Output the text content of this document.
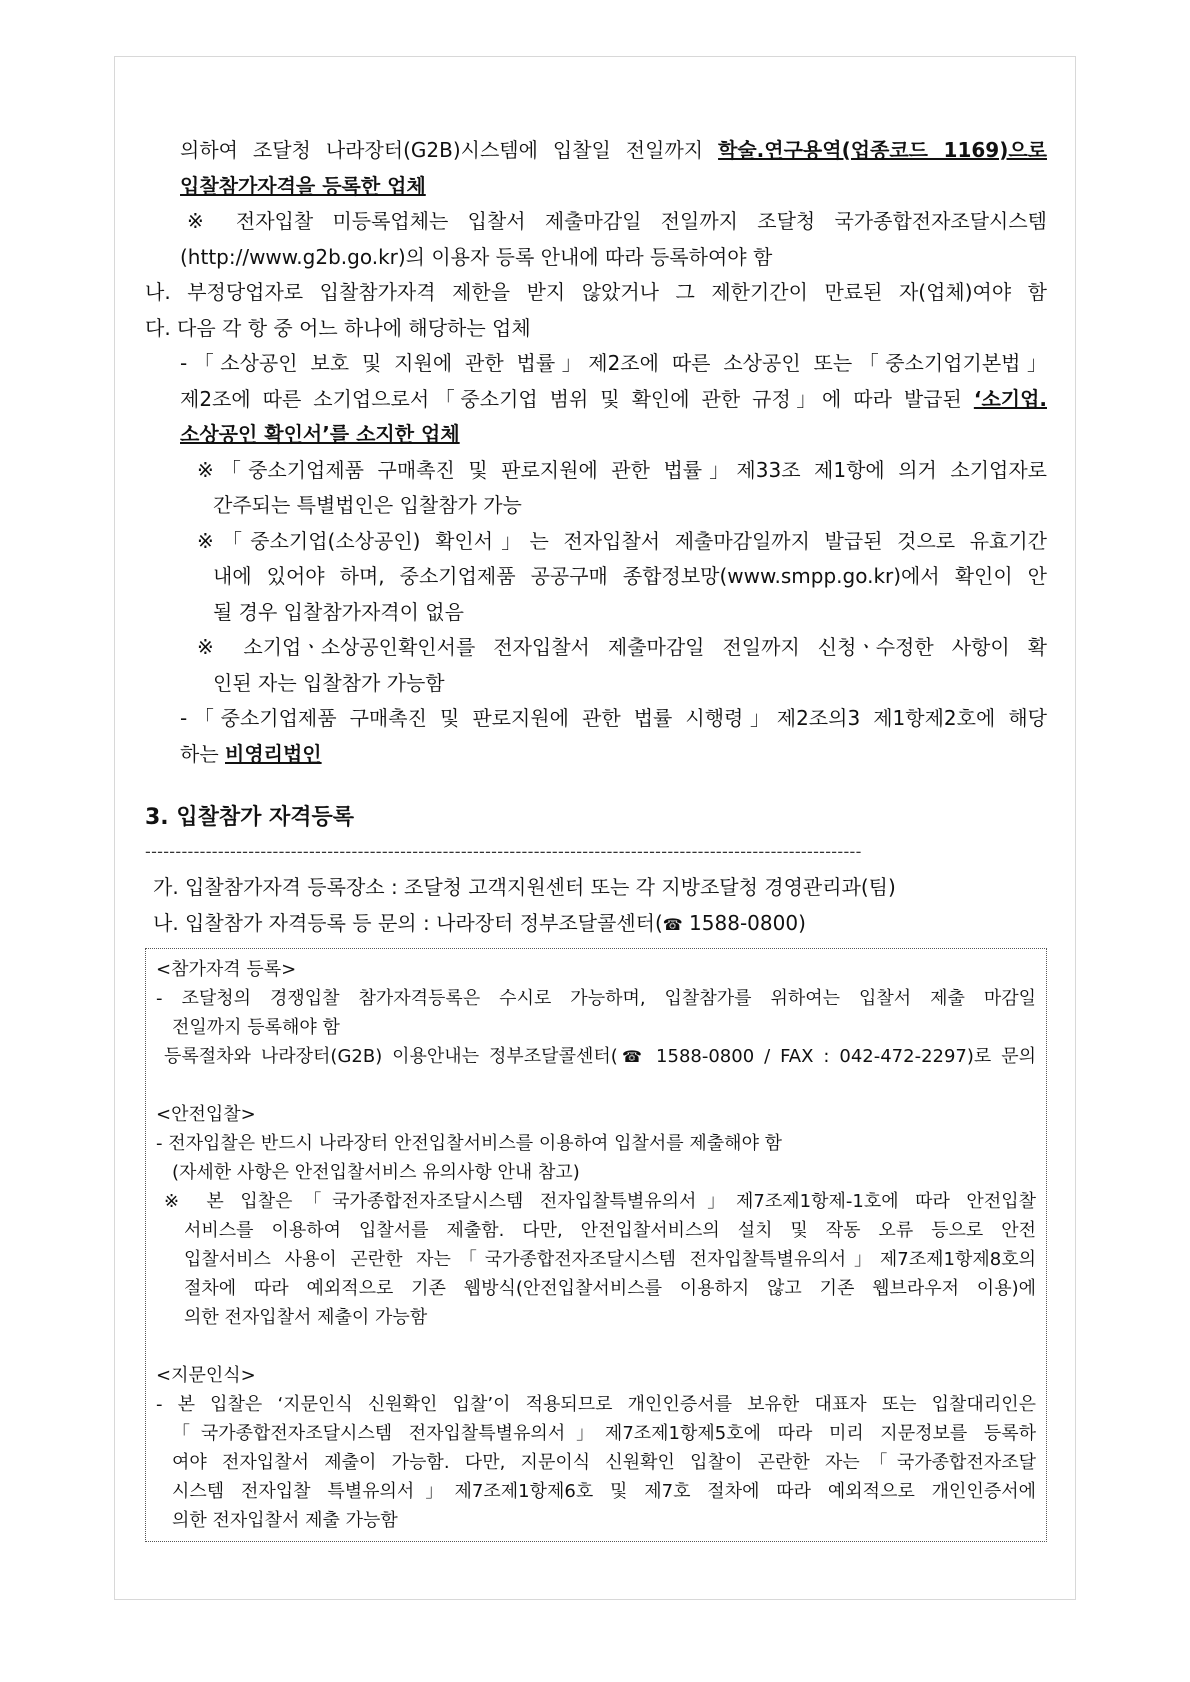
의하여 조달청 나라장터(G2B)시스템에 입찰일 전일까지 학술.연구용역(업종코드 1169)으로
입찰참가자격을 등록한 업체
※ 전자입찰 미등록업체는 입찰서 제출마감일 전일까지 조달청 국가종합전자조달시스템
(http://www.g2b.go.kr)의 이용자 등록 안내에 따라 등록하여야 함
나. 부정당업자로 입찰참가자격 제한을 받지 않았거나 그 제한기간이 만료된 자(업체)여야 함
다. 다음 각 항 중 어느 하나에 해당하는 업체
-「소상공인 보호 및 지원에 관한 법률」제2조에 따른 소상공인 또는「중소기업기본법」
제2조에 따른 소기업으로서「중소기업 범위 및 확인에 관한 규정」에 따라 발급된 ‘소기업.
소상공인 확인서’를 소지한 업체
※「중소기업제품 구매촉진 및 판로지원에 관한 법률」제33조 제1항에 의거 소기업자로
간주되는 특별법인은 입찰참가 가능
※「중소기업(소상공인) 확인서」는 전자입찰서 제출마감일까지 발급된 것으로 유효기간
내에 있어야 하며, 중소기업제품 공공구매 종합정보망(www.smpp.go.kr)에서 확인이 안
될 경우 입찰참가자격이 없음
※ 소기업ㆍ소상공인확인서를 전자입찰서 제출마감일 전일까지 신청ㆍ수정한 사항이 확
인된 자는 입찰참가 가능함
-「중소기업제품 구매촉진 및 판로지원에 관한 법률 시행령」제2조의3 제1항제2호에 해당
하는 비영리법인
3. 입찰참가 자격등록
----------------------------------------------------------------------------------------------------------------------
가. 입찰참가자격 등록장소 : 조달청 고객지원센터 또는 각 지방조달청 경영관리과(팀)
나. 입찰참가 자격등록 등 문의 : 나라장터 정부조달콜센터(☎ 1588-0800)
<참가자격 등록>
- 조달청의 경쟁입찰 참가자격등록은 수시로 가능하며, 입찰참가를 위하여는 입찰서 제출 마감일
전일까지 등록해야 함
등록절차와 나라장터(G2B) 이용안내는 정부조달콜센터(☎ 1588-0800 / FAX : 042-472-2297)로 문의
<안전입찰>
- 전자입찰은 반드시 나라장터 안전입찰서비스를 이용하여 입찰서를 제출해야 함
(자세한 사항은 안전입찰서비스 유의사항 안내 참고)
※ 본 입찰은「국가종합전자조달시스템 전자입찰특별유의서」제7조제1항제-1호에 따라 안전입찰
서비스를 이용하여 입찰서를 제출함. 다만, 안전입찰서비스의 설치 및 작동 오류 등으로 안전
입찰서비스 사용이 곤란한 자는「국가종합전자조달시스템 전자입찰특별유의서」제7조제1항제8호의
절차에 따라 예외적으로 기존 웹방식(안전입찰서비스를 이용하지 않고 기존 웹브라우저 이용)에
의한 전자입찰서 제출이 가능함
<지문인식>
- 본 입찰은 ‘지문인식 신원확인 입찰’이 적용되므로 개인인증서를 보유한 대표자 또는 입찰대리인은
「국가종합전자조달시스템 전자입찰특별유의서」제7조제1항제5호에 따라 미리 지문정보를 등록하
여야 전자입찰서 제출이 가능함. 다만, 지문이식 신원확인 입찰이 곤란한 자는「국가종합전자조달
시스템 전자입찰 특별유의서」제7조제1항제6호 및 제7호 절차에 따라 예외적으로 개인인증서에
의한 전자입찰서 제출 가능함
